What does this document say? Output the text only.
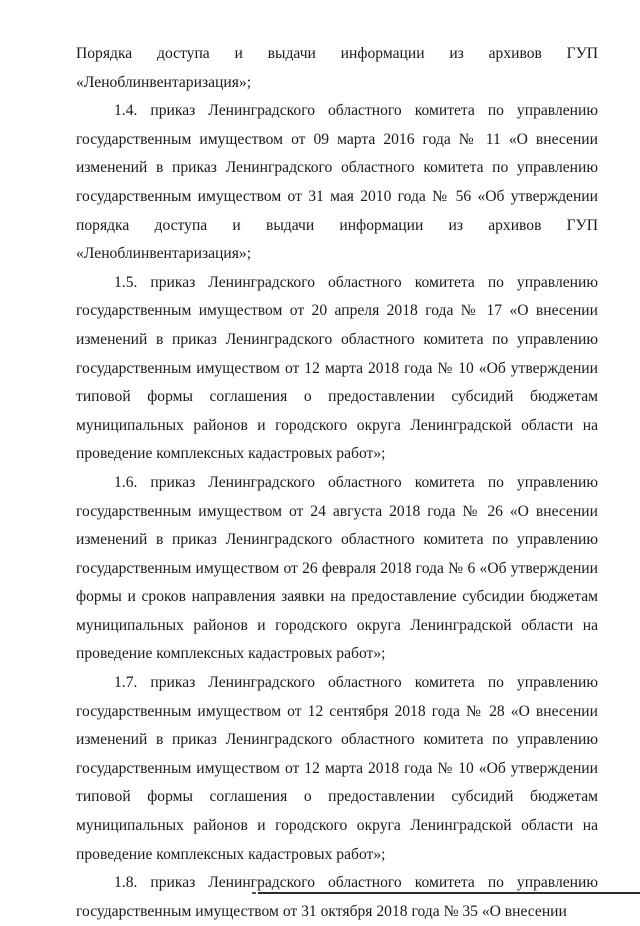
Порядка доступа и выдачи информации из архивов ГУП «Леноблинвентаризация»;

1.4. приказ Ленинградского областного комитета по управлению государственным имуществом от 09 марта 2016 года № 11 «О внесении изменений в приказ Ленинградского областного комитета по управлению государственным имуществом от 31 мая 2010 года № 56 «Об утверждении порядка доступа и выдачи информации из архивов ГУП «Леноблинвентаризация»;

1.5. приказ Ленинградского областного комитета по управлению государственным имуществом от 20 апреля 2018 года № 17 «О внесении изменений в приказ Ленинградского областного комитета по управлению государственным имуществом от 12 марта 2018 года № 10 «Об утверждении типовой формы соглашения о предоставлении субсидий бюджетам муниципальных районов и городского округа Ленинградской области на проведение комплексных кадастровых работ»;

1.6. приказ Ленинградского областного комитета по управлению государственным имуществом от 24 августа 2018 года № 26 «О внесении изменений в приказ Ленинградского областного комитета по управлению государственным имуществом от 26 февраля 2018 года № 6 «Об утверждении формы и сроков направления заявки на предоставление субсидии бюджетам муниципальных районов и городского округа Ленинградской области на проведение комплексных кадастровых работ»;

1.7. приказ Ленинградского областного комитета по управлению государственным имуществом от 12 сентября 2018 года № 28 «О внесении изменений в приказ Ленинградского областного комитета по управлению государственным имуществом от 12 марта 2018 года № 10 «Об утверждении типовой формы соглашения о предоставлении субсидий бюджетам муниципальных районов и городского округа Ленинградской области на проведение комплексных кадастровых работ»;

1.8. приказ Ленинградского областного комитета по управлению государственным имуществом от 31 октября 2018 года № 35 «О внесении
